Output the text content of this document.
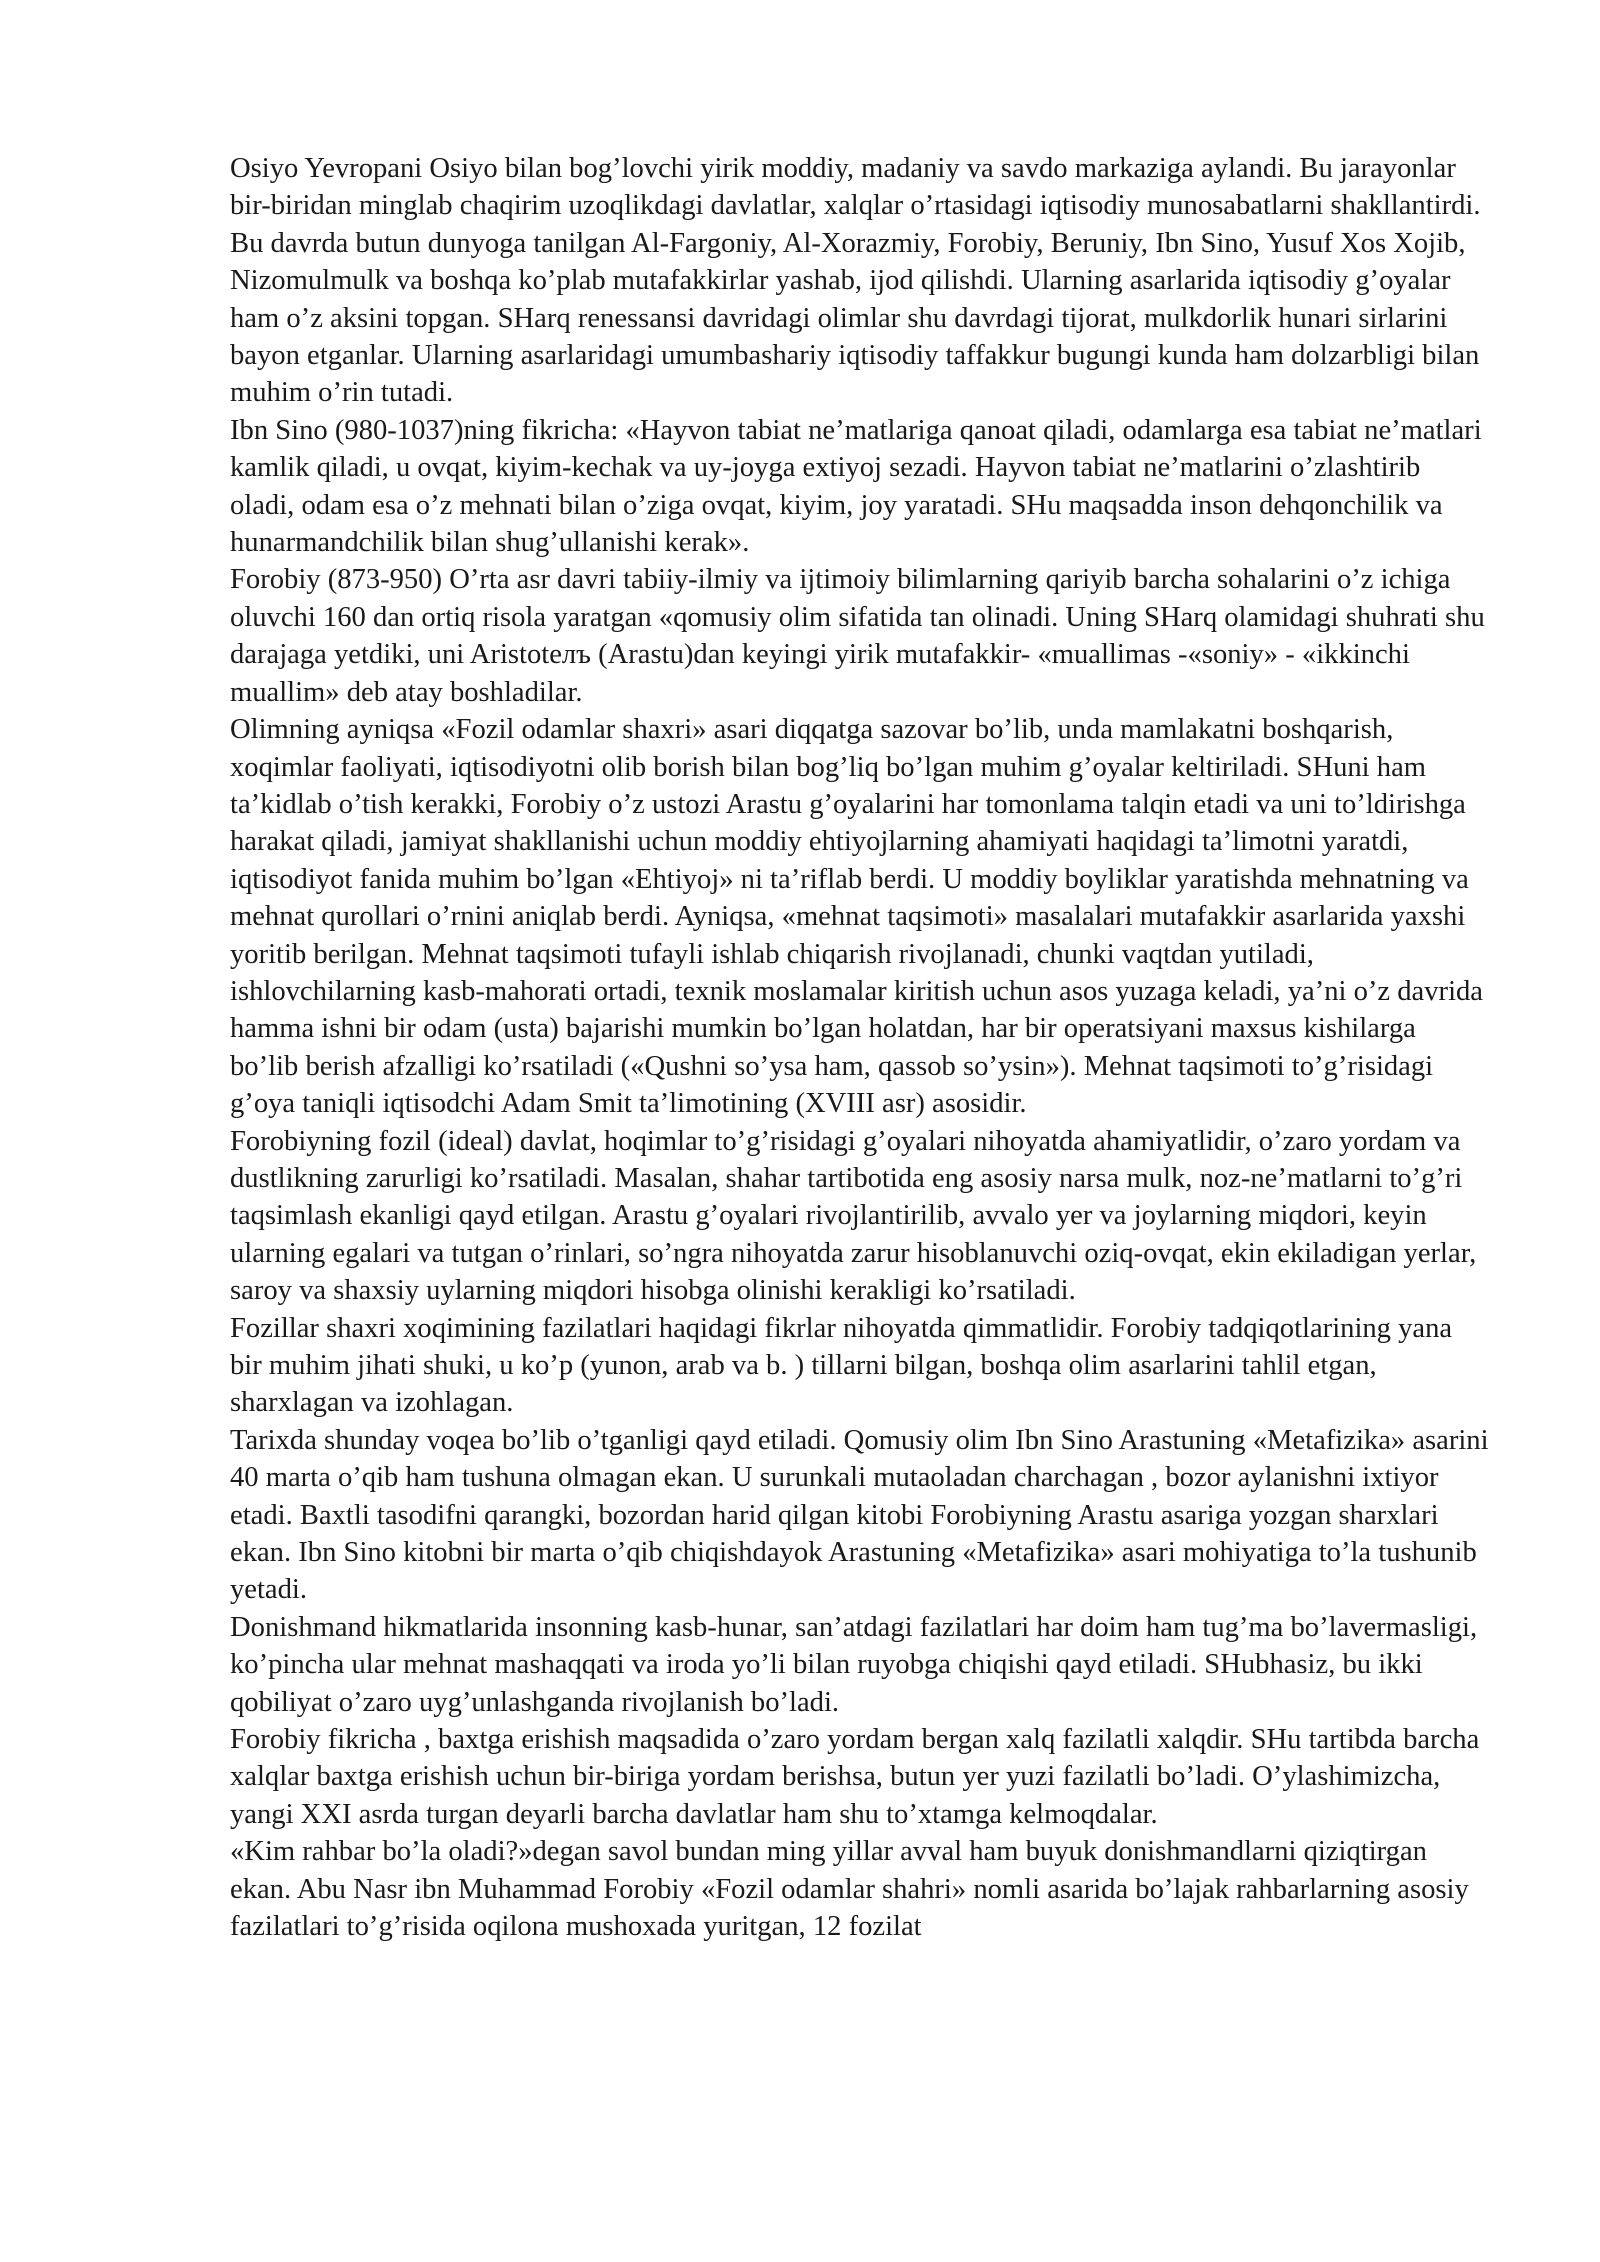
Osiyo Yevropani Osiyo bilan bog’lovchi yirik moddiy, madaniy va savdo markaziga aylandi. Bu jarayonlar bir-biridan minglab chaqirim uzoqlikdagi davlatlar, xalqlar o’rtasidagi iqtisodiy munosabatlarni shakllantirdi.

Bu davrda butun dunyoga tanilgan Al-Fargoniy, Al-Xorazmiy, Forobiy, Beruniy, Ibn Sino, Yusuf Xos Xojib, Nizomulmulk va boshqa ko’plab mutafakkirlar yashab, ijod qilishdi. Ularning asarlarida iqtisodiy g’oyalar ham o’z aksini topgan. SHarq renessansi davridagi olimlar shu davrdagi tijorat, mulkdorlik hunari sirlarini bayon etganlar. Ularning asarlaridagi umumbashariy iqtisodiy taffakkur bugungi kunda ham dolzarbligi bilan muhim o’rin tutadi.

Ibn Sino (980-1037)ning fikricha: «Hayvon tabiat ne’matlariga qanoat qiladi, odamlarga esa tabiat ne’matlari kamlik qiladi, u ovqat, kiyim-kechak va uy-joyga extiyoj sezadi. Hayvon tabiat ne’matlarini o’zlashtirib oladi, odam esa o’z mehnati bilan o’ziga ovqat, kiyim, joy yaratadi. SHu maqsadda inson dehqonchilik va hunarmandchilik bilan shug’ullanishi kerak».

Forobiy (873-950) O’rta asr davri tabiiy-ilmiy va ijtimoiy bilimlarning qariyib barcha sohalarini o’z ichiga oluvchi 160 dan ortiq risola yaratgan «qomusiy olim sifatida tan olinadi. Uning SHarq olamidagi shuhrati shu darajaga yetdiki, uni Aristoteлъ (Arastu)dan keyingi yirik mutafakkir- «muallimas -«soniy» - «ikkinchi muallim» deb atay boshladilar.

Olimning ayniqsa «Fozil odamlar shaxri» asari diqqatga sazovar bo’lib, unda mamlakatni boshqarish, xoqimlar faoliyati, iqtisodiyotni olib borish bilan bog’liq bo’lgan muhim g’oyalar keltiriladi. SHuni ham ta’kidlab o’tish kerakki, Forobiy o’z ustozi Arastu g’oyalarini har tomonlama talqin etadi va uni to’ldirishga harakat qiladi, jamiyat shakllanishi uchun moddiy ehtiyojlarning ahamiyati haqidagi ta’limotni yaratdi, iqtisodiyot fanida muhim bo’lgan «Ehtiyoj» ni ta’riflab berdi. U moddiy boyliklar yaratishda mehnatning va mehnat qurollari o’rnini aniqlab berdi. Ayniqsa, «mehnat taqsimoti» masalalari mutafakkir asarlarida yaxshi yoritib berilgan. Mehnat taqsimoti tufayli ishlab chiqarish rivojlanadi, chunki vaqtdan yutiladi, ishlovchilarning kasb-mahorati ortadi, texnik moslamalar kiritish uchun asos yuzaga keladi, ya’ni o’z davrida hamma ishni bir odam (usta) bajarishi mumkin bo’lgan holatdan, har bir operatsiyani maxsus kishilarga bo’lib berish afzalligi ko’rsatiladi («Qushni so’ysa ham, qassob so’ysin»). Mehnat taqsimoti to’g’risidagi g’oya taniqli iqtisodchi Adam Smit ta’limotining (XVIII asr) asosidir.

Forobiyning fozil (ideal) davlat, hoqimlar to’g’risidagi g’oyalari nihoyatda ahamiyatlidir, o’zaro yordam va dustlikning zarurligi ko’rsatiladi. Masalan, shahar tartibotida eng asosiy narsa mulk, noz-ne’matlarni to’g’ri taqsimlash ekanligi qayd etilgan. Arastu g’oyalari rivojlantirilib, avvalo yer va joylarning miqdori, keyin ularning egalari va tutgan o’rinlari, so’ngra nihoyatda zarur hisoblanuvchi oziq-ovqat, ekin ekiladigan yerlar, saroy va shaxsiy uylarning miqdori hisobga olinishi kerakligi ko’rsatiladi.

Fozillar shaxri xoqimining fazilatlari haqidagi fikrlar nihoyatda qimmatlidir. Forobiy tadqiqotlarining yana bir muhim jihati shuki, u ko’p (yunon, arab va b. ) tillarni bilgan, boshqa olim asarlarini tahlil etgan, sharxlagan va izohlagan.

Tarixda shunday voqea bo’lib o’tganligi qayd etiladi. Qomusiy olim Ibn Sino Arastuning «Metafizika» asarini 40 marta o’qib ham tushuna olmagan ekan. U surunkali mutaoladan charchagan , bozor aylanishni ixtiyor etadi. Baxtli tasodifni qarangki, bozordan harid qilgan kitobi Forobiyning Arastu asariga yozgan sharxlari ekan. Ibn Sino kitobni bir marta o’qib chiqishdayok Arastuning «Metafizika» asari mohiyatiga to’la tushunib yetadi.

Donishmand hikmatlarida insonning kasb-hunar, san’atdagi fazilatlari har doim ham tug’ma bo’lavermasligi, ko’pincha ular mehnat mashaqqati va iroda yo’li bilan ruyobga chiqishi qayd etiladi. SHubhasiz, bu ikki qobiliyat o’zaro uyg’unlashganda rivojlanish bo’ladi.

Forobiy fikricha , baxtga erishish maqsadida o’zaro yordam bergan xalq fazilatli xalqdir. SHu tartibda barcha xalqlar baxtga erishish uchun bir-biriga yordam berishsa, butun yer yuzi fazilatli bo’ladi. O’ylashimizcha, yangi XXI asrda turgan deyarli barcha davlatlar ham shu to’xtamga kelmoqdalar.

«Kim rahbar bo’la oladi?»degan savol bundan ming yillar avval ham buyuk donishmandlarni qiziqtirgan ekan. Abu Nasr ibn Muhammad Forobiy «Fozil odamlar shahri» nomli asarida bo’lajak rahbarlarning asosiy fazilatlari to’g’risida oqilona mushoxada yuritgan, 12 fozilat
